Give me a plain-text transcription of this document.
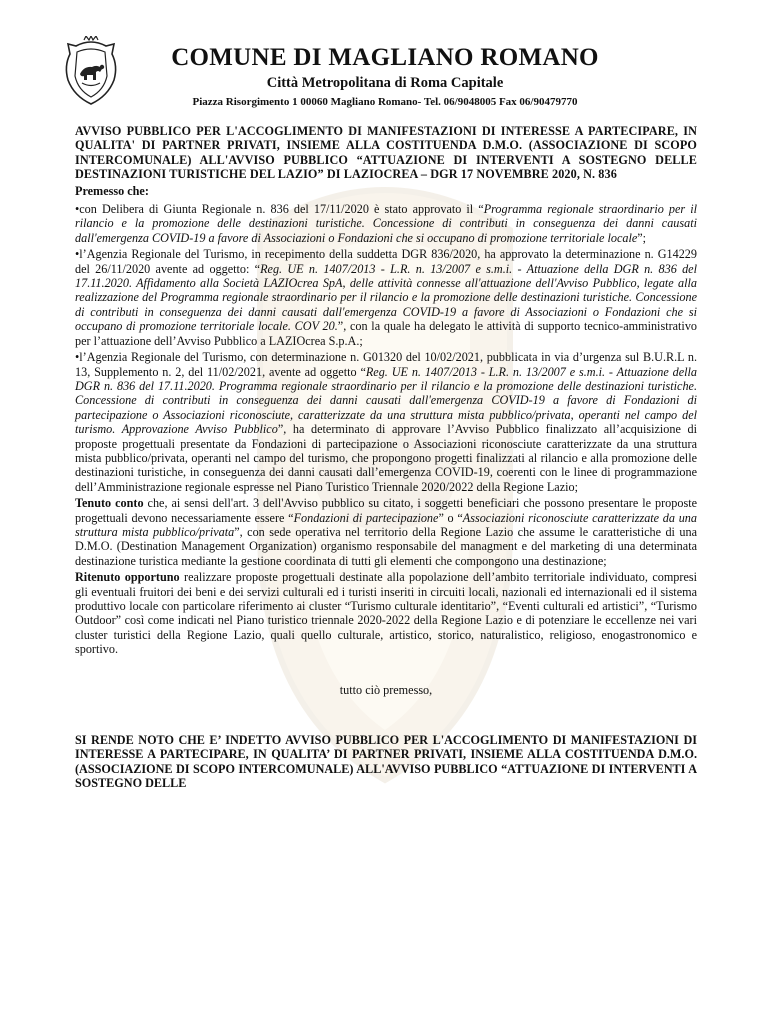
COMUNE DI MAGLIANO ROMANO
Città Metropolitana di Roma Capitale
Piazza Risorgimento 1 00060 Magliano Romano- Tel. 06/9048005 Fax 06/90479770

AVVISO PUBBLICO PER L'ACCOGLIMENTO DI MANIFESTAZIONI DI INTERESSE A PARTECIPARE, IN QUALITA' DI PARTNER PRIVATI, INSIEME ALLA COSTITUENDA D.M.O. (ASSOCIAZIONE DI SCOPO INTERCOMUNALE) ALL'AVVISO PUBBLICO “ATTUAZIONE DI INTERVENTI A SOSTEGNO DELLE DESTINAZIONI TURISTICHE DEL LAZIO” DI LAZIOCREA – DGR 17 NOVEMBRE 2020, N. 836

Premesso che:

•con Delibera di Giunta Regionale n. 836 del 17/11/2020 è stato approvato il “Programma regionale straordinario per il rilancio e la promozione delle destinazioni turistiche. Concessione di contributi in conseguenza dei danni causati dall'emergenza COVID-19 a favore di Associazioni o Fondazioni che si occupano di promozione territoriale locale”;

•l’Agenzia Regionale del Turismo, in recepimento della suddetta DGR 836/2020, ha approvato la determinazione n. G14229 del 26/11/2020 avente ad oggetto: “Reg. UE n. 1407/2013 - L.R. n. 13/2007 e s.m.i. - Attuazione della DGR n. 836 del 17.11.2020. Affidamento alla Società LAZIOcrea SpA, delle attività connesse all'attuazione dell'Avviso Pubblico, legate alla realizzazione del Programma regionale straordinario per il rilancio e la promozione delle destinazioni turistiche. Concessione di contributi in conseguenza dei danni causati dall'emergenza COVID-19 a favore di Associazioni o Fondazioni che si occupano di promozione territoriale locale. COV 20.”, con la quale ha delegato le attività di supporto tecnico-amministrativo per l’attuazione dell’Avviso Pubblico a LAZIOcrea S.p.A.;

•l’Agenzia Regionale del Turismo, con determinazione n. G01320 del 10/02/2021, pubblicata in via d’urgenza sul B.U.R.L n. 13, Supplemento n. 2, del 11/02/2021, avente ad oggetto “Reg. UE n. 1407/2013 - L.R. n. 13/2007 e s.m.i. - Attuazione della DGR n. 836 del 17.11.2020. Programma regionale straordinario per il rilancio e la promozione delle destinazioni turistiche. Concessione di contributi in conseguenza dei danni causati dall'emergenza COVID-19 a favore di Fondazioni di partecipazione o Associazioni riconosciute, caratterizzate da una struttura mista pubblico/privata, operanti nel campo del turismo. Approvazione Avviso Pubblico”, ha determinato di approvare l’Avviso Pubblico finalizzato all’acquisizione di proposte progettuali presentate da Fondazioni di partecipazione o Associazioni riconosciute caratterizzate da una struttura mista pubblico/privata, operanti nel campo del turismo, che propongono progetti finalizzati al rilancio e alla promozione delle destinazioni turistiche, in conseguenza dei danni causati dall’emergenza COVID-19, coerenti con le linee di programmazione dell’Amministrazione regionale espresse nel Piano Turistico Triennale 2020/2022 della Regione Lazio;

Tenuto conto che, ai sensi dell'art. 3 dell'Avviso pubblico su citato, i soggetti beneficiari che possono presentare le proposte progettuali devono necessariamente essere “Fondazioni di partecipazione” o “Associazioni riconosciute caratterizzate da una struttura mista pubblico/privata”, con sede operativa nel territorio della Regione Lazio che assume le caratteristiche di una D.M.O. (Destination Management Organization) organismo responsabile del managment e del marketing di una determinata destinazione turistica mediante la gestione coordinata di tutti gli elementi che compongono una destinazione;

Ritenuto opportuno realizzare proposte progettuali destinate alla popolazione dell’ambito territoriale individuato, compresi gli eventuali fruitori dei beni e dei servizi culturali ed i turisti inseriti in circuiti locali, nazionali ed internazionali ed il sistema produttivo locale con particolare riferimento ai cluster “Turismo culturale identitario”, “Eventi culturali ed artistici”, “Turismo Outdoor” così come indicati nel Piano turistico triennale 2020-2022 della Regione Lazio e di potenziare le eccellenze nei vari cluster turistici della Regione Lazio, quali quello culturale, artistico, storico, naturalistico, religioso, enogastronomico e sportivo.

tutto ciò premesso,

SI RENDE NOTO CHE E’ INDETTO AVVISO PUBBLICO PER L'ACCOGLIMENTO DI MANIFESTAZIONI DI INTERESSE A PARTECIPARE, IN QUALITA’ DI PARTNER PRIVATI, INSIEME ALLA COSTITUENDA D.M.O. (ASSOCIAZIONE DI SCOPO INTERCOMUNALE) ALL'AVVISO PUBBLICO “ATTUAZIONE DI INTERVENTI A SOSTEGNO DELLE
